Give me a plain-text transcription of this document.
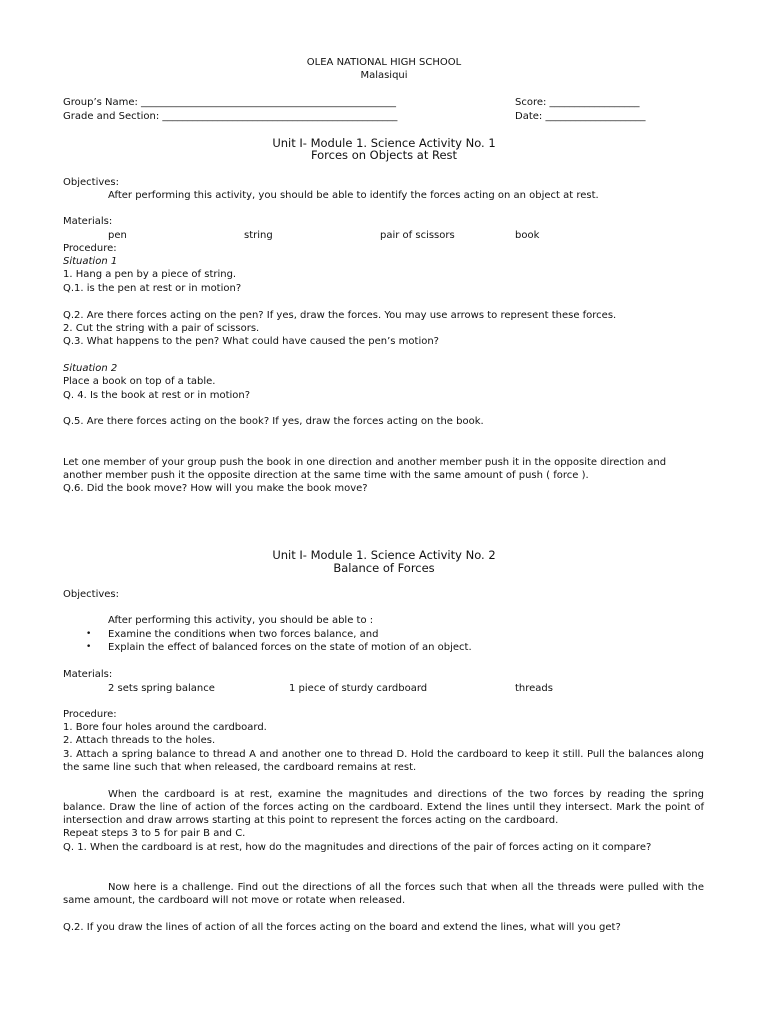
OLEA NATIONAL HIGH SCHOOL
Malasiqui
Group’s Name: ___________________________________________________	Score: __________________
Grade and Section: _______________________________________________	Date: ____________________
Unit I- Module 1. Science Activity No. 1
Forces on Objects at Rest
Objectives:
After performing this activity, you should be able to identify the forces acting on an object at rest.
Materials:
pen	string	pair of scissors	book
Procedure:
Situation 1
1. Hang a pen by a piece of string.
Q.1. is the pen at rest or in motion?
Q.2. Are there forces acting on the pen? If yes, draw the forces. You may use arrows to represent these forces.
2. Cut the string with a pair of scissors.
Q.3. What happens to the pen? What could have caused the pen’s motion?
Situation 2
Place a book on top of a table.
Q. 4. Is the book at rest or in motion?
Q.5. Are there forces acting on the book? If yes, draw the forces acting on the book.
Let one member of your group push the book in one direction and another member push it in the opposite direction and
another member push it the opposite direction at the same time with the same amount of push ( force ).
Q.6. Did the book move? How will you make the book move?
Unit I- Module 1. Science Activity No. 2
Balance of Forces
Objectives:
After performing this activity, you should be able to :
• Examine the conditions when two forces balance, and
• Explain the effect of balanced forces on the state of motion of an object.
Materials:
2 sets spring balance	1 piece of sturdy cardboard	threads
Procedure:
1. Bore four holes around the cardboard.
2. Attach threads to the holes.
3. Attach a spring balance to thread A and another one to thread D. Hold the cardboard to keep it still. Pull the balances along
the same line such that when released, the cardboard remains at rest.
When the cardboard is at rest, examine the magnitudes and directions of the two forces by reading the spring
balance. Draw the line of action of the forces acting on the cardboard. Extend the lines until they intersect. Mark the point of
intersection and draw arrows starting at this point to represent the forces acting on the cardboard.
Repeat steps 3 to 5 for pair B and C.
Q. 1. When the cardboard is at rest, how do the magnitudes and directions of the pair of forces acting on it compare?
Now here is a challenge. Find out the directions of all the forces such that when all the threads were pulled with the
same amount, the cardboard will not move or rotate when released.
Q.2. If you draw the lines of action of all the forces acting on the board and extend the lines, what will you get?
